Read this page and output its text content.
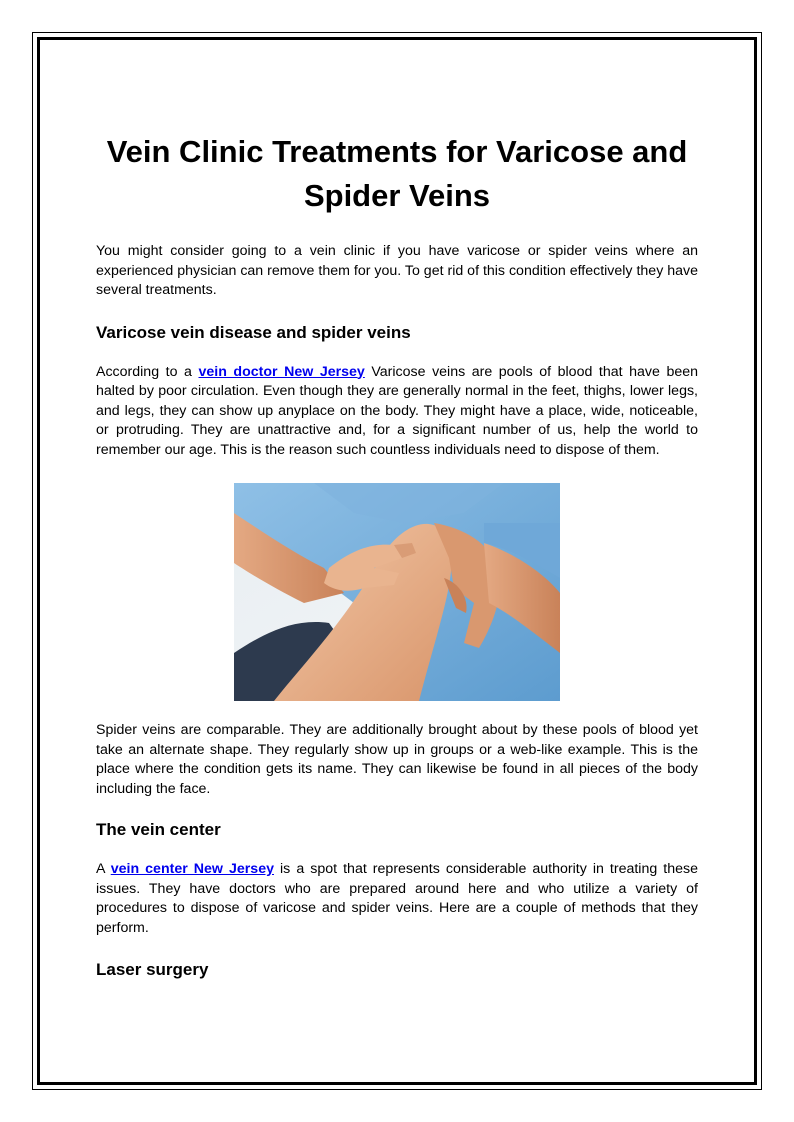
Vein Clinic Treatments for Varicose and Spider Veins

You might consider going to a vein clinic if you have varicose or spider veins where an experienced physician can remove them for you. To get rid of this condition effectively they have several treatments.

Varicose vein disease and spider veins

According to a vein doctor New Jersey Varicose veins are pools of blood that have been halted by poor circulation. Even though they are generally normal in the feet, thighs, lower legs, and legs, they can show up anyplace on the body. They might have a place, wide, noticeable, or protruding. They are unattractive and, for a significant number of us, help the world to remember our age. This is the reason such countless individuals need to dispose of them.

Spider veins are comparable. They are additionally brought about by these pools of blood yet take an alternate shape. They regularly show up in groups or a web-like example. This is the place where the condition gets its name. They can likewise be found in all pieces of the body including the face.

The vein center

A vein center New Jersey is a spot that represents considerable authority in treating these issues. They have doctors who are prepared around here and who utilize a variety of procedures to dispose of varicose and spider veins. Here are a couple of methods that they perform.

Laser surgery
